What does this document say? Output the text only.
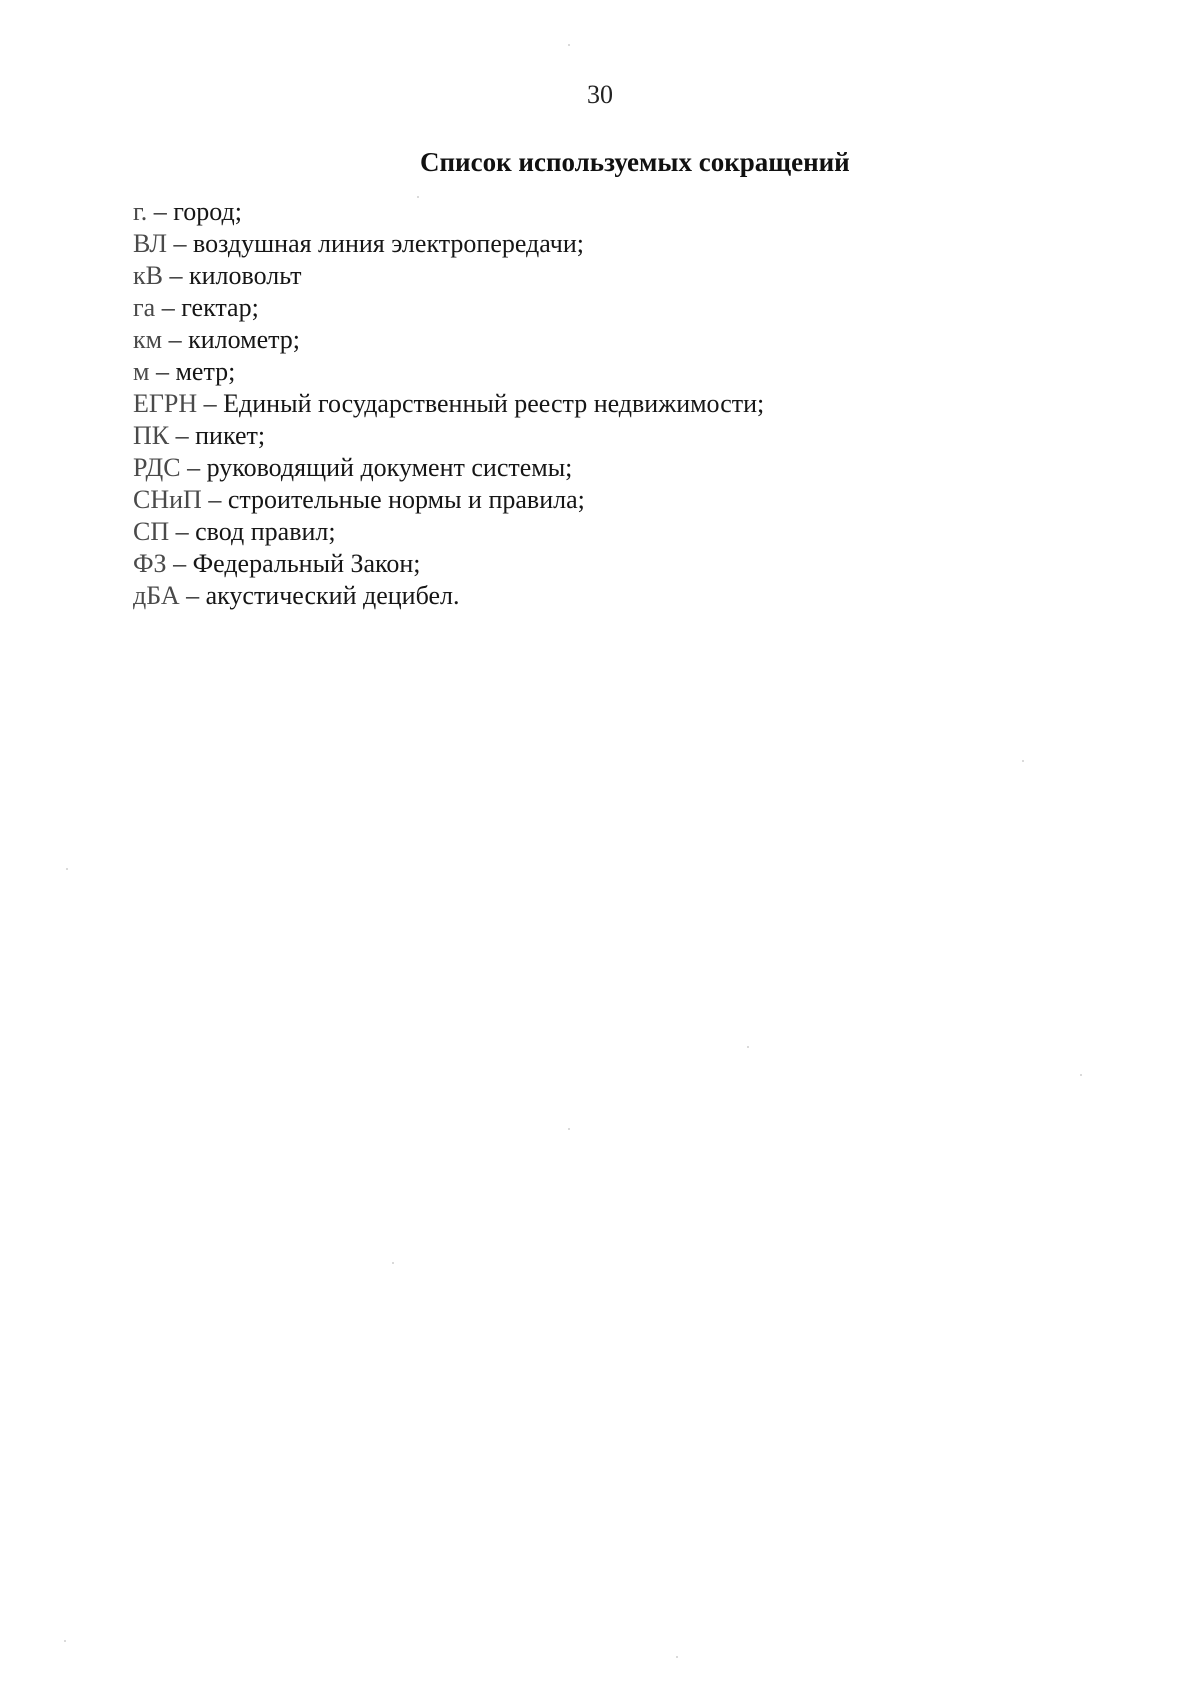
30
Список используемых сокращений
г. – город;
ВЛ – воздушная линия электропередачи;
кВ – киловольт
га – гектар;
км – километр;
м – метр;
ЕГРН – Единый государственный реестр недвижимости;
ПК – пикет;
РДС – руководящий документ системы;
СНиП – строительные нормы и правила;
СП – свод правил;
ФЗ – Федеральный Закон;
дБА – акустический децибел.
